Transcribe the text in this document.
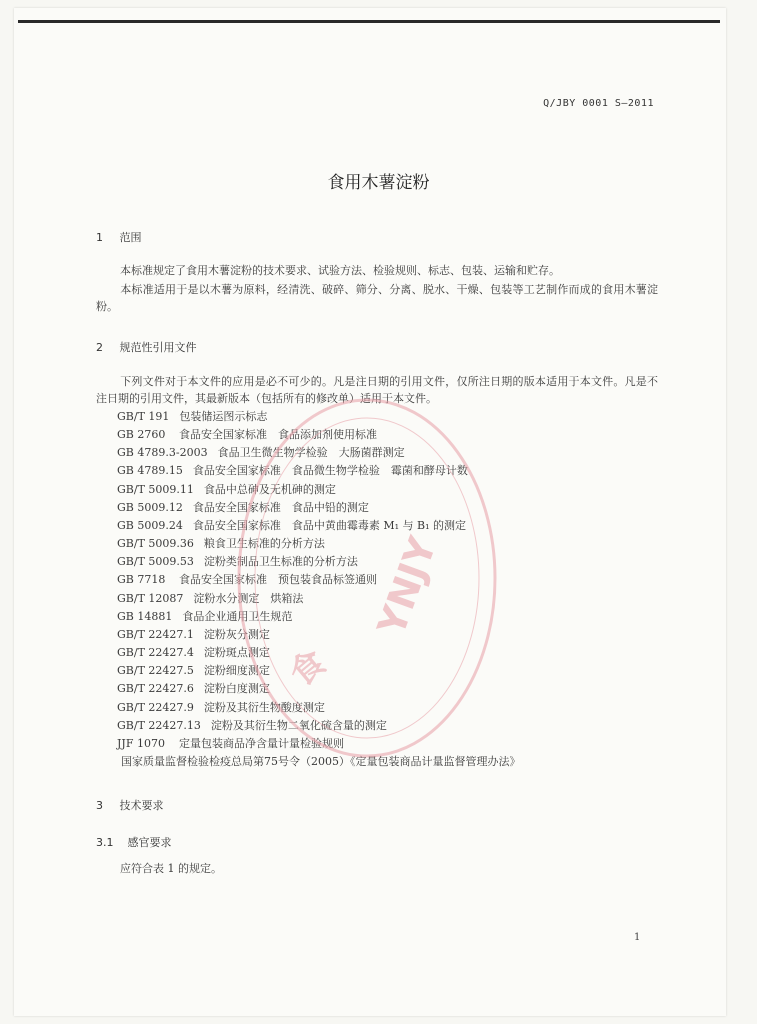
Q/JBY 0001 S—2011
食用木薯淀粉
1 范围
本标准规定了食用木薯淀粉的技术要求、试验方法、检验规则、标志、包装、运输和贮存。
本标准适用于是以木薯为原料，经清洗、破碎、筛分、分离、脱水、干燥、包装等工艺制作而成的食用木薯淀粉。
2 规范性引用文件
下列文件对于本文件的应用是必不可少的。凡是注日期的引用文件，仅所注日期的版本适用于本文件。凡是不注日期的引用文件，其最新版本（包括所有的修改单）适用于本文件。
GB/T 191 包装储运图示标志
GB 2760 食品安全国家标准　食品添加剂使用标准
GB 4789.3-2003 食品卫生微生物学检验　大肠菌群测定
GB 4789.15 食品安全国家标准　食品微生物学检验　霉菌和酵母计数
GB/T 5009.11 食品中总砷及无机砷的测定
GB 5009.12 食品安全国家标准　食品中铅的测定
GB 5009.24 食品安全国家标准　食品中黄曲霉毒素 M₁ 与 B₁ 的测定
GB/T 5009.36 粮食卫生标准的分析方法
GB/T 5009.53 淀粉类制品卫生标准的分析方法
GB 7718 食品安全国家标准　预包装食品标签通则
GB/T 12087 淀粉水分测定　烘箱法
GB 14881 食品企业通用卫生规范
GB/T 22427.1 淀粉灰分测定
GB/T 22427.4 淀粉斑点测定
GB/T 22427.5 淀粉细度测定
GB/T 22427.6 淀粉白度测定
GB/T 22427.9 淀粉及其衍生物酸度测定
GB/T 22427.13 淀粉及其衍生物二氧化硫含量的测定
JJF 1070 定量包装商品净含量计量检验规则
国家质量监督检验检疫总局第75号令（2005）《定量包装商品计量监督管理办法》
3 技术要求
3.1 感官要求
应符合表 1 的规定。
YNJY
食
1
